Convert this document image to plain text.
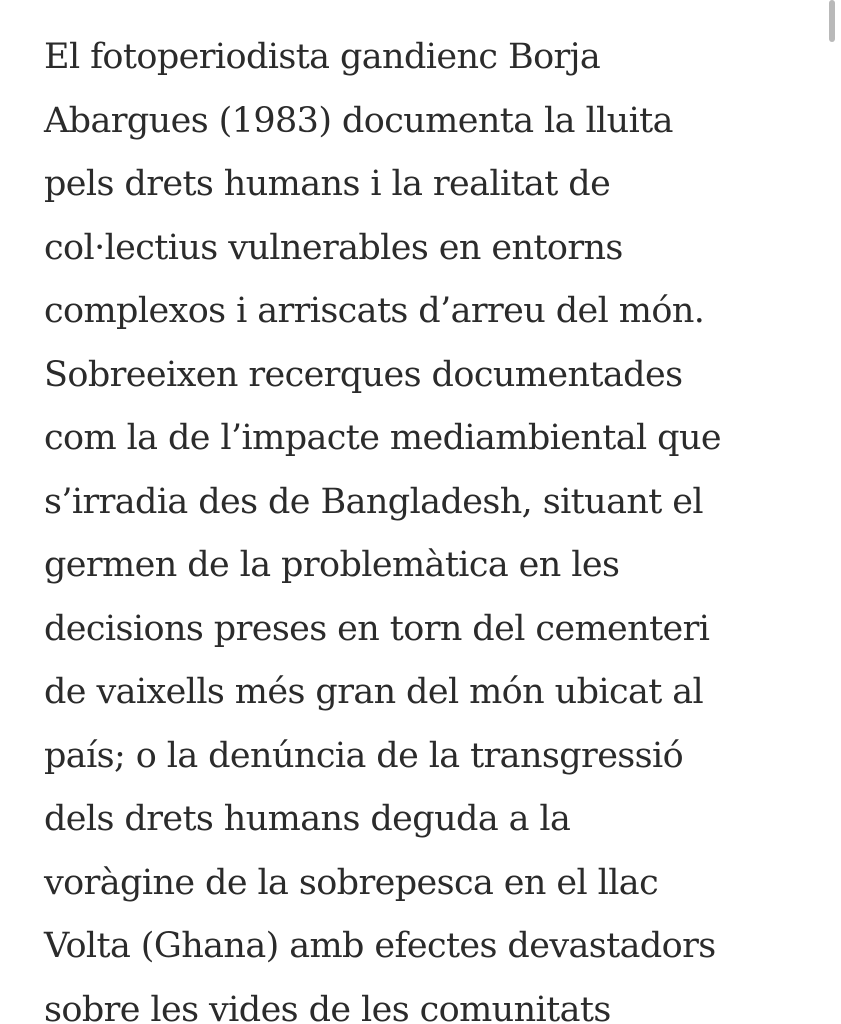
El fotoperiodista gandienc Borja
Abargues (1983) documenta la lluita
pels drets humans i la realitat de
col·lectius vulnerables en entorns
complexos i arriscats d’arreu del món.
Sobreeixen recerques documentades
com la de l’impacte mediambiental que
s’irradia des de Bangladesh, situant el
germen de la problemàtica en les
decisions preses en torn del cementeri
de vaixells més gran del món ubicat al
país; o la denúncia de la transgressió
dels drets humans deguda a la
voràgine de la sobrepesca en el llac
Volta (Ghana) amb efectes devastadors
sobre les vides de les comunitats
